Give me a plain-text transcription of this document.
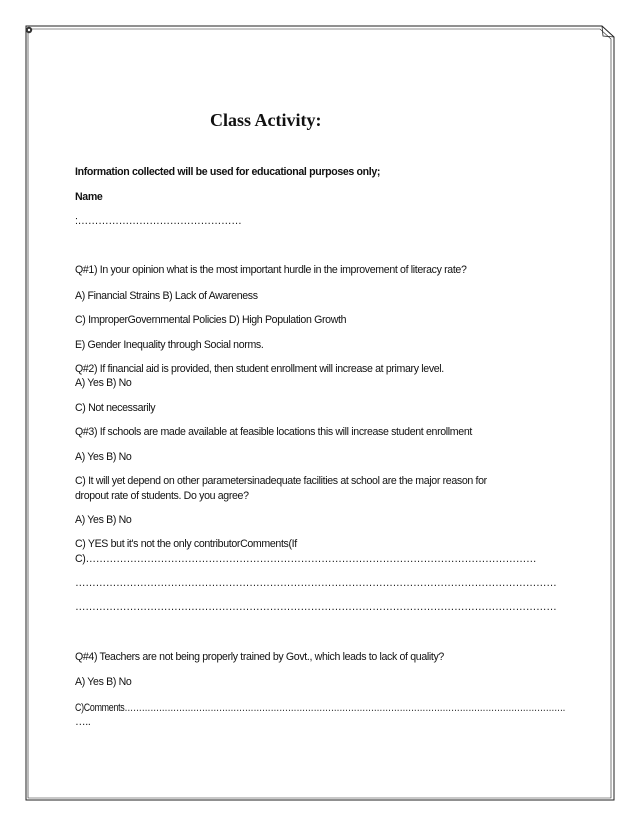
Class Activity:
Information collected will be used for educational purposes only;
Name
:…………………………………………
Q#1) In your opinion what is the most important hurdle in the improvement of literacy rate?
A) Financial Strains B) Lack of Awareness
C) ImproperGovernmental Policies D) High Population Growth
E) Gender Inequality through Social norms.
Q#2) If financial aid is provided, then student enrollment will increase at primary level.
A) Yes B) No
C) Not necessarily
Q#3) If schools are made available at feasible locations this will increase student enrollment
A) Yes B) No
C) It will yet depend on other parametersinadequate facilities at school are the major reason for
dropout rate of students. Do you agree?
A) Yes B) No
C) YES but it's not the only contributorComments(If
C)……………………………………………………………………………………………………………………
……………………………………………………………………………………………………………………………
……………………………………………………………………………………………………………………………
Q#4) Teachers are not being properly trained by Govt., which leads to lack of quality?
A) Yes B) No
C)Comments……………………………………………………………………………………………………………………………………….
…..
